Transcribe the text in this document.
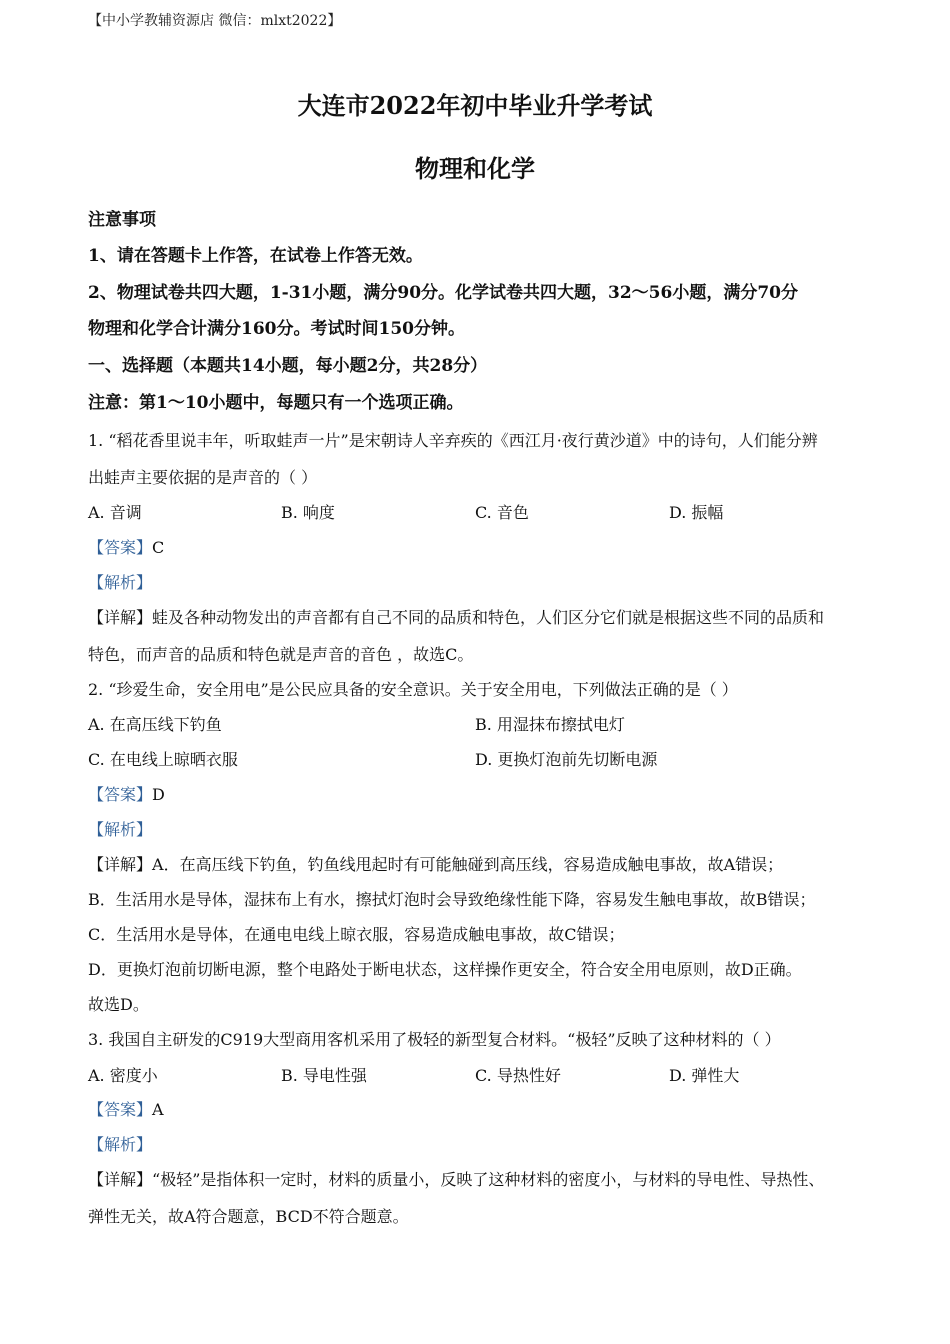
【中小学教辅资源店 微信：mlxt2022】
大连市2022年初中毕业升学考试
物理和化学
注意事项
1、请在答题卡上作答，在试卷上作答无效。
2、物理试卷共四大题，1-31小题，满分90分。化学试卷共四大题，32～56小题，满分70分
物理和化学合计满分160分。考试时间150分钟。
一、选择题（本题共14小题，每小题2分，共28分）
注意：第1～10小题中，每题只有一个选项正确。
1. “稻花香里说丰年，听取蛙声一片”是宋朝诗人辛弃疾的《西江月·夜行黄沙道》中的诗句，人们能分辨
出蛙声主要依据的是声音的（ ）
A. 音调	B. 响度	C. 音色	D. 振幅
【答案】C
【解析】
【详解】蛙及各种动物发出的声音都有自己不同的品质和特色，人们区分它们就是根据这些不同的品质和
特色，而声音的品质和特色就是声音的音色 ，故选C。
2. “珍爱生命，安全用电”是公民应具备的安全意识。关于安全用电，下列做法正确的是（ ）
A. 在高压线下钓鱼	B. 用湿抹布擦拭电灯
C. 在电线上晾晒衣服	D. 更换灯泡前先切断电源
【答案】D
【解析】
【详解】A．在高压线下钓鱼，钓鱼线甩起时有可能触碰到高压线，容易造成触电事故，故A错误；
B．生活用水是导体，湿抹布上有水，擦拭灯泡时会导致绝缘性能下降，容易发生触电事故，故B错误；
C．生活用水是导体，在通电电线上晾衣服，容易造成触电事故，故C错误；
D．更换灯泡前切断电源，整个电路处于断电状态，这样操作更安全，符合安全用电原则，故D正确。
故选D。
3. 我国自主研发的C919大型商用客机采用了极轻的新型复合材料。“极轻”反映了这种材料的（ ）
A. 密度小	B. 导电性强	C. 导热性好	D. 弹性大
【答案】A
【解析】
【详解】“极轻”是指体积一定时，材料的质量小，反映了这种材料的密度小，与材料的导电性、导热性、
弹性无关，故A符合题意，BCD不符合题意。
